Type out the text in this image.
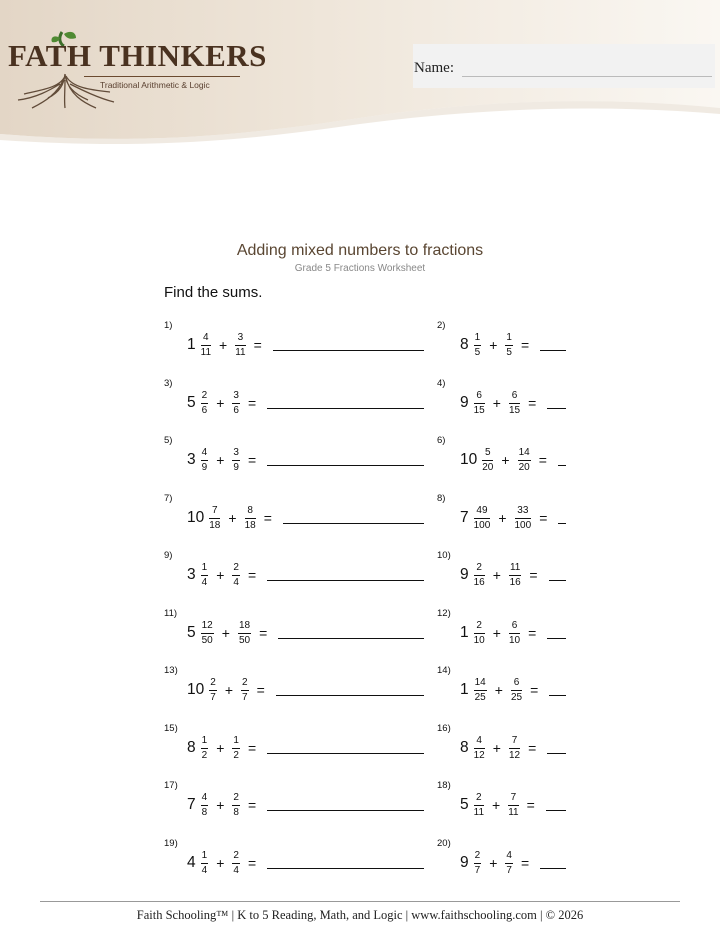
FATH THINKERS
Traditional Arithmetic & Logic
Name:
Adding mixed numbers to fractions
Grade 5 Fractions Worksheet
Find the sums.
1)
$1 \frac{4}{11} + \frac{3}{11}$ =
2)
$8 \frac{1}{5} + \frac{1}{5}$ =
3)
$5 \frac{2}{6} + \frac{3}{6}$ =
4)
$9 \frac{6}{15} + \frac{6}{15}$ =
5)
$3 \frac{4}{9} + \frac{3}{9}$ =
6)
$10 \frac{5}{20} + \frac{14}{20}$ =
7)
$10 \frac{7}{18} + \frac{8}{18}$ =
8)
$7 \frac{49}{100} + \frac{33}{100}$ =
9)
$3 \frac{1}{4} + \frac{2}{4}$ =
10)
$9 \frac{2}{16} + \frac{11}{16}$ =
11)
$5 \frac{12}{50} + \frac{18}{50}$ =
12)
$1 \frac{2}{10} + \frac{6}{10}$ =
13)
$10 \frac{2}{7} + \frac{2}{7}$ =
14)
$1 \frac{14}{25} + \frac{6}{25}$ =
15)
$8 \frac{1}{2} + \frac{1}{2}$ =
16)
$8 \frac{4}{12} + \frac{7}{12}$ =
17)
$7 \frac{4}{8} + \frac{2}{8}$ =
18)
$5 \frac{2}{11} + \frac{7}{11}$ =
19)
$4 \frac{1}{4} + \frac{2}{4}$ =
20)
$9 \frac{2}{7} + \frac{4}{7}$ =
Faith Schooling™ | K to 5 Reading, Math, and Logic | www.faithschooling.com | © 2026
